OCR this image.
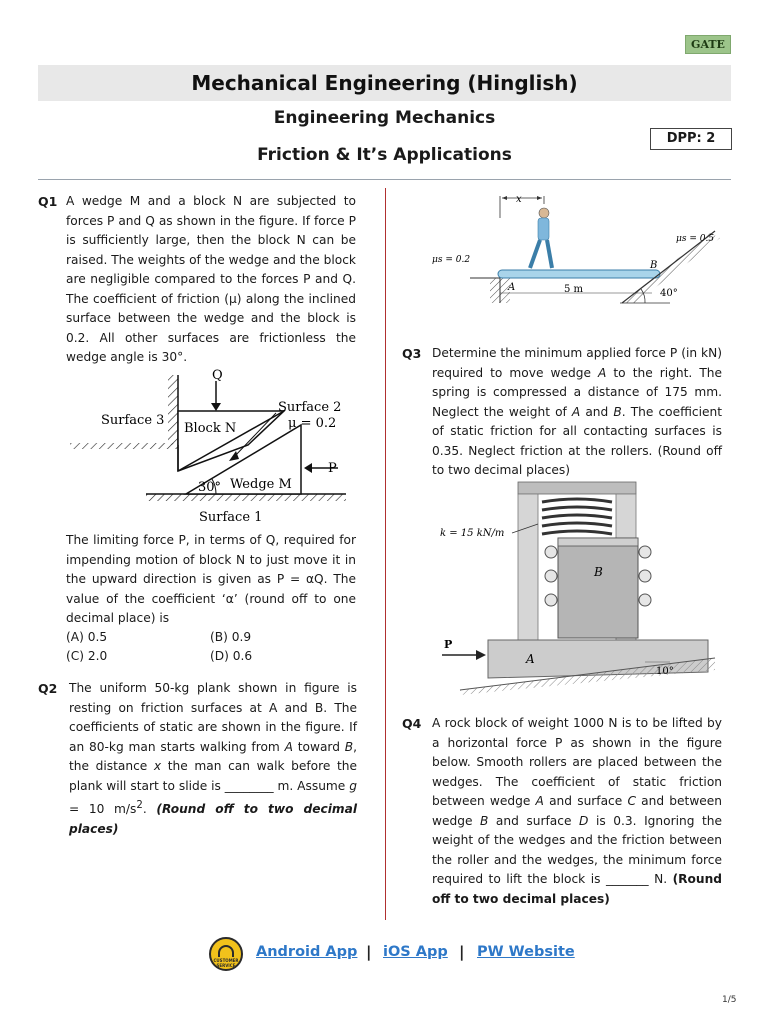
GATE
Mechanical Engineering (Hinglish)
Engineering Mechanics
Friction & It’s Applications
DPP: 2
Q1 A wedge M and a block N are subjected to forces P and Q as shown in the figure. If force P is sufficiently large, then the block N can be raised. The weights of the wedge and the block are negligible compared to the forces P and Q. The coefficient of friction (μ) along the inclined surface between the wedge and the block is 0.2. All other surfaces are frictionless the wedge angle is 30°.
Q
Surface 3
Block N
Surface 2
μ = 0.2
P
30° Wedge M
Surface 1
The limiting force P, in terms of Q, required for impending motion of block N to just move it in the upward direction is given as P = αQ. The value of the coefficient ‘α’ (round off to one decimal place) is
(A) 0.5	(B) 0.9
(C) 2.0	(D) 0.6
Q2 The uniform 50-kg plank shown in figure is resting on friction surfaces at A and B. The coefficients of static are shown in the figure. If an 80-kg man starts walking from A toward B, the distance x the man can walk before the plank will start to slide is ________ m. Assume g = 10 $m/s^2$. (Round off to two decimal places)
x
μs = 0.2
μs = 0.5
A
B
5 m	40°
Q3 Determine the minimum applied force P (in kN) required to move wedge A to the right. The spring is compressed a distance of 175 mm. Neglect the weight of A and B. The coefficient of static friction for all contacting surfaces is 0.35. Neglect friction at the rollers. (Round off to two decimal places)
k = 15 kN/m
B
A
P
10°
Q4 A rock block of weight 1000 N is to be lifted by a horizontal force P as shown in the figure below. Smooth rollers are placed between the wedges. The coefficient of static friction between wedge A and surface C and between wedge B and surface D is 0.3. Ignoring the weight of the wedges and the friction between the roller and the wedges, the minimum force required to lift the block is _______ N. (Round off to two decimal places)
CUSTOMER SERVICE
Android App | iOS App | PW Website
1/5
